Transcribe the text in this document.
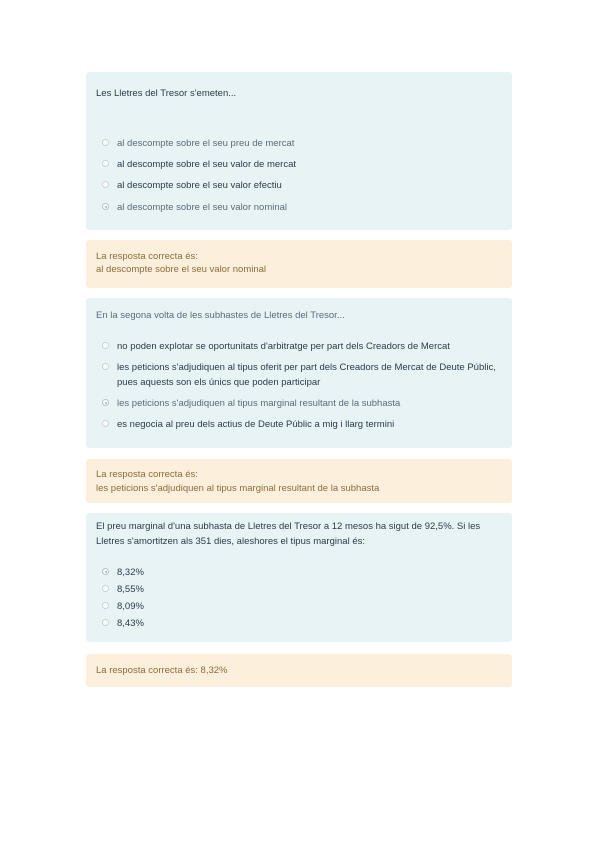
Les Lletres del Tresor s'emeten...
al descompte sobre el seu preu de mercat
al descompte sobre el seu valor de mercat
al descompte sobre el seu valor efectiu
al descompte sobre el seu valor nominal
La resposta correcta és:
al descompte sobre el seu valor nominal
En la segona volta de les subhastes de Lletres del Tresor...
no poden explotar se oportunitats d'arbitratge per part dels Creadors de Mercat
les peticions s'adjudiquen al tipus oferit per part dels Creadors de Mercat de Deute Públic, pues aquests son els únics que poden participar
les peticions s'adjudiquen al tipus marginal resultant de la subhasta
es negocia al preu dels actius de Deute Públic a mig i llarg termini
La resposta correcta és:
les peticions s'adjudiquen al tipus marginal resultant de la subhasta
El preu marginal d'una subhasta de Lletres del Tresor a 12 mesos ha sigut de 92,5%. Si les Lletres s'amortitzen als 351 dies, aleshores el tipus marginal és:
8,32%
8,55%
8,09%
8,43%
La resposta correcta és: 8,32%
